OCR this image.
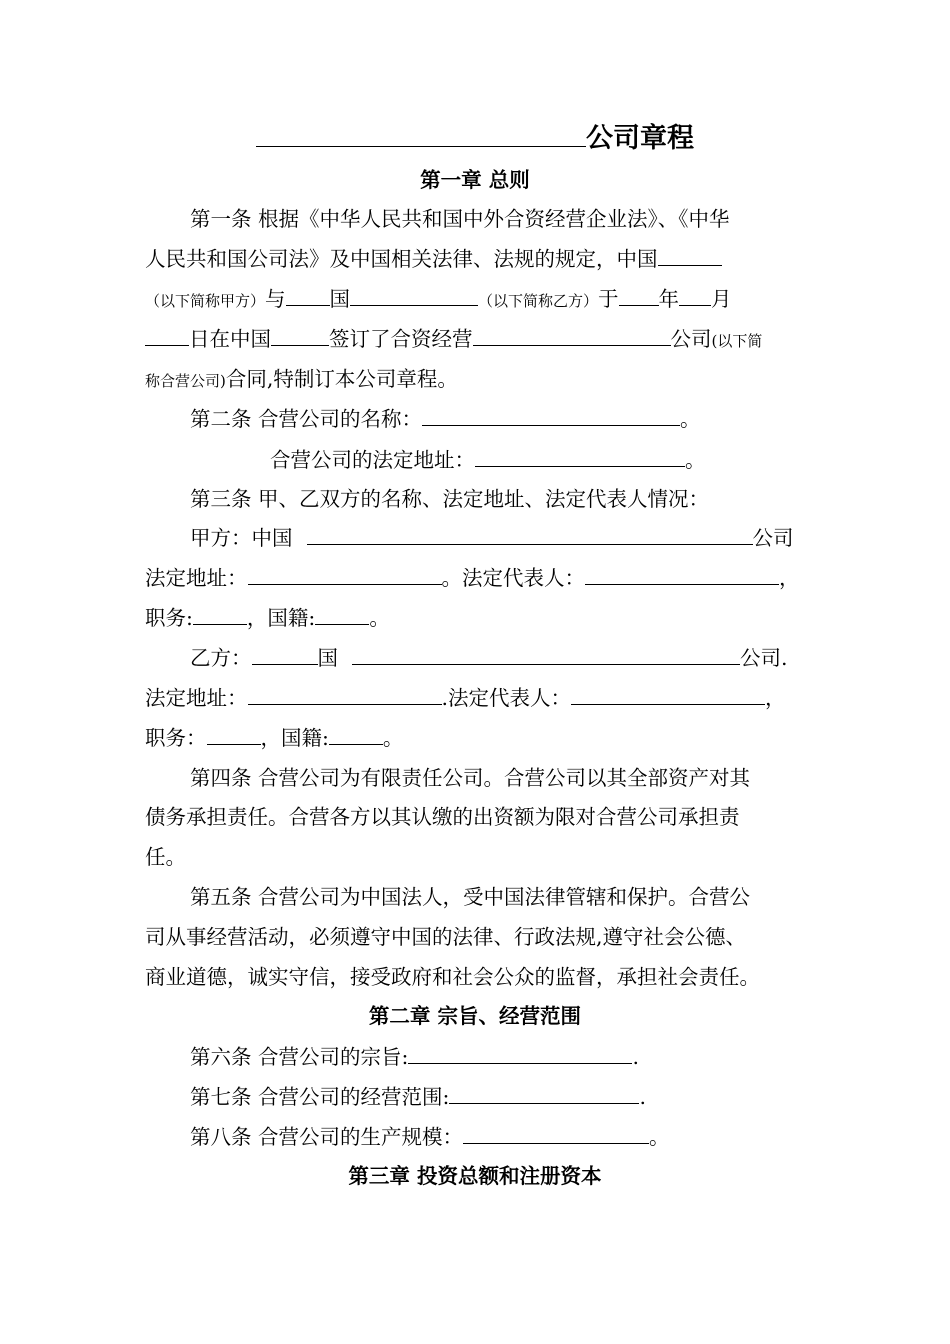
公司章程
第一章 总则
第一条 根据《中华人民共和国中外合资经营企业法》、《中华
人民共和国公司法》及中国相关法律、法规的规定，中国
（以下简称甲方）与 国	（以下简称乙方）于 年 月
日在中国	签订了合资经营	公司(以下简
称合营公司)合同,特制订本公司章程。
第二条 合营公司的名称：	。
合营公司的法定地址：	。
第三条 甲、乙双方的名称、法定地址、法定代表人情况：
甲方：中国	公司
法定地址：	。法定代表人：	，
职务:	，国籍:	。
乙方：	国	公司.
法定地址：	.法定代表人：	，
职务：	，国籍:	。
第四条 合营公司为有限责任公司。合营公司以其全部资产对其
债务承担责任。合营各方以其认缴的出资额为限对合营公司承担责
任。
第五条 合营公司为中国法人，受中国法律管辖和保护。合营公
司从事经营活动，必须遵守中国的法律、行政法规,遵守社会公德、
商业道德，诚实守信，接受政府和社会公众的监督，承担社会责任。
第二章 宗旨、经营范围
第六条 合营公司的宗旨:	.
第七条 合营公司的经营范围:	.
第八条 合营公司的生产规模：	。
第三章 投资总额和注册资本
